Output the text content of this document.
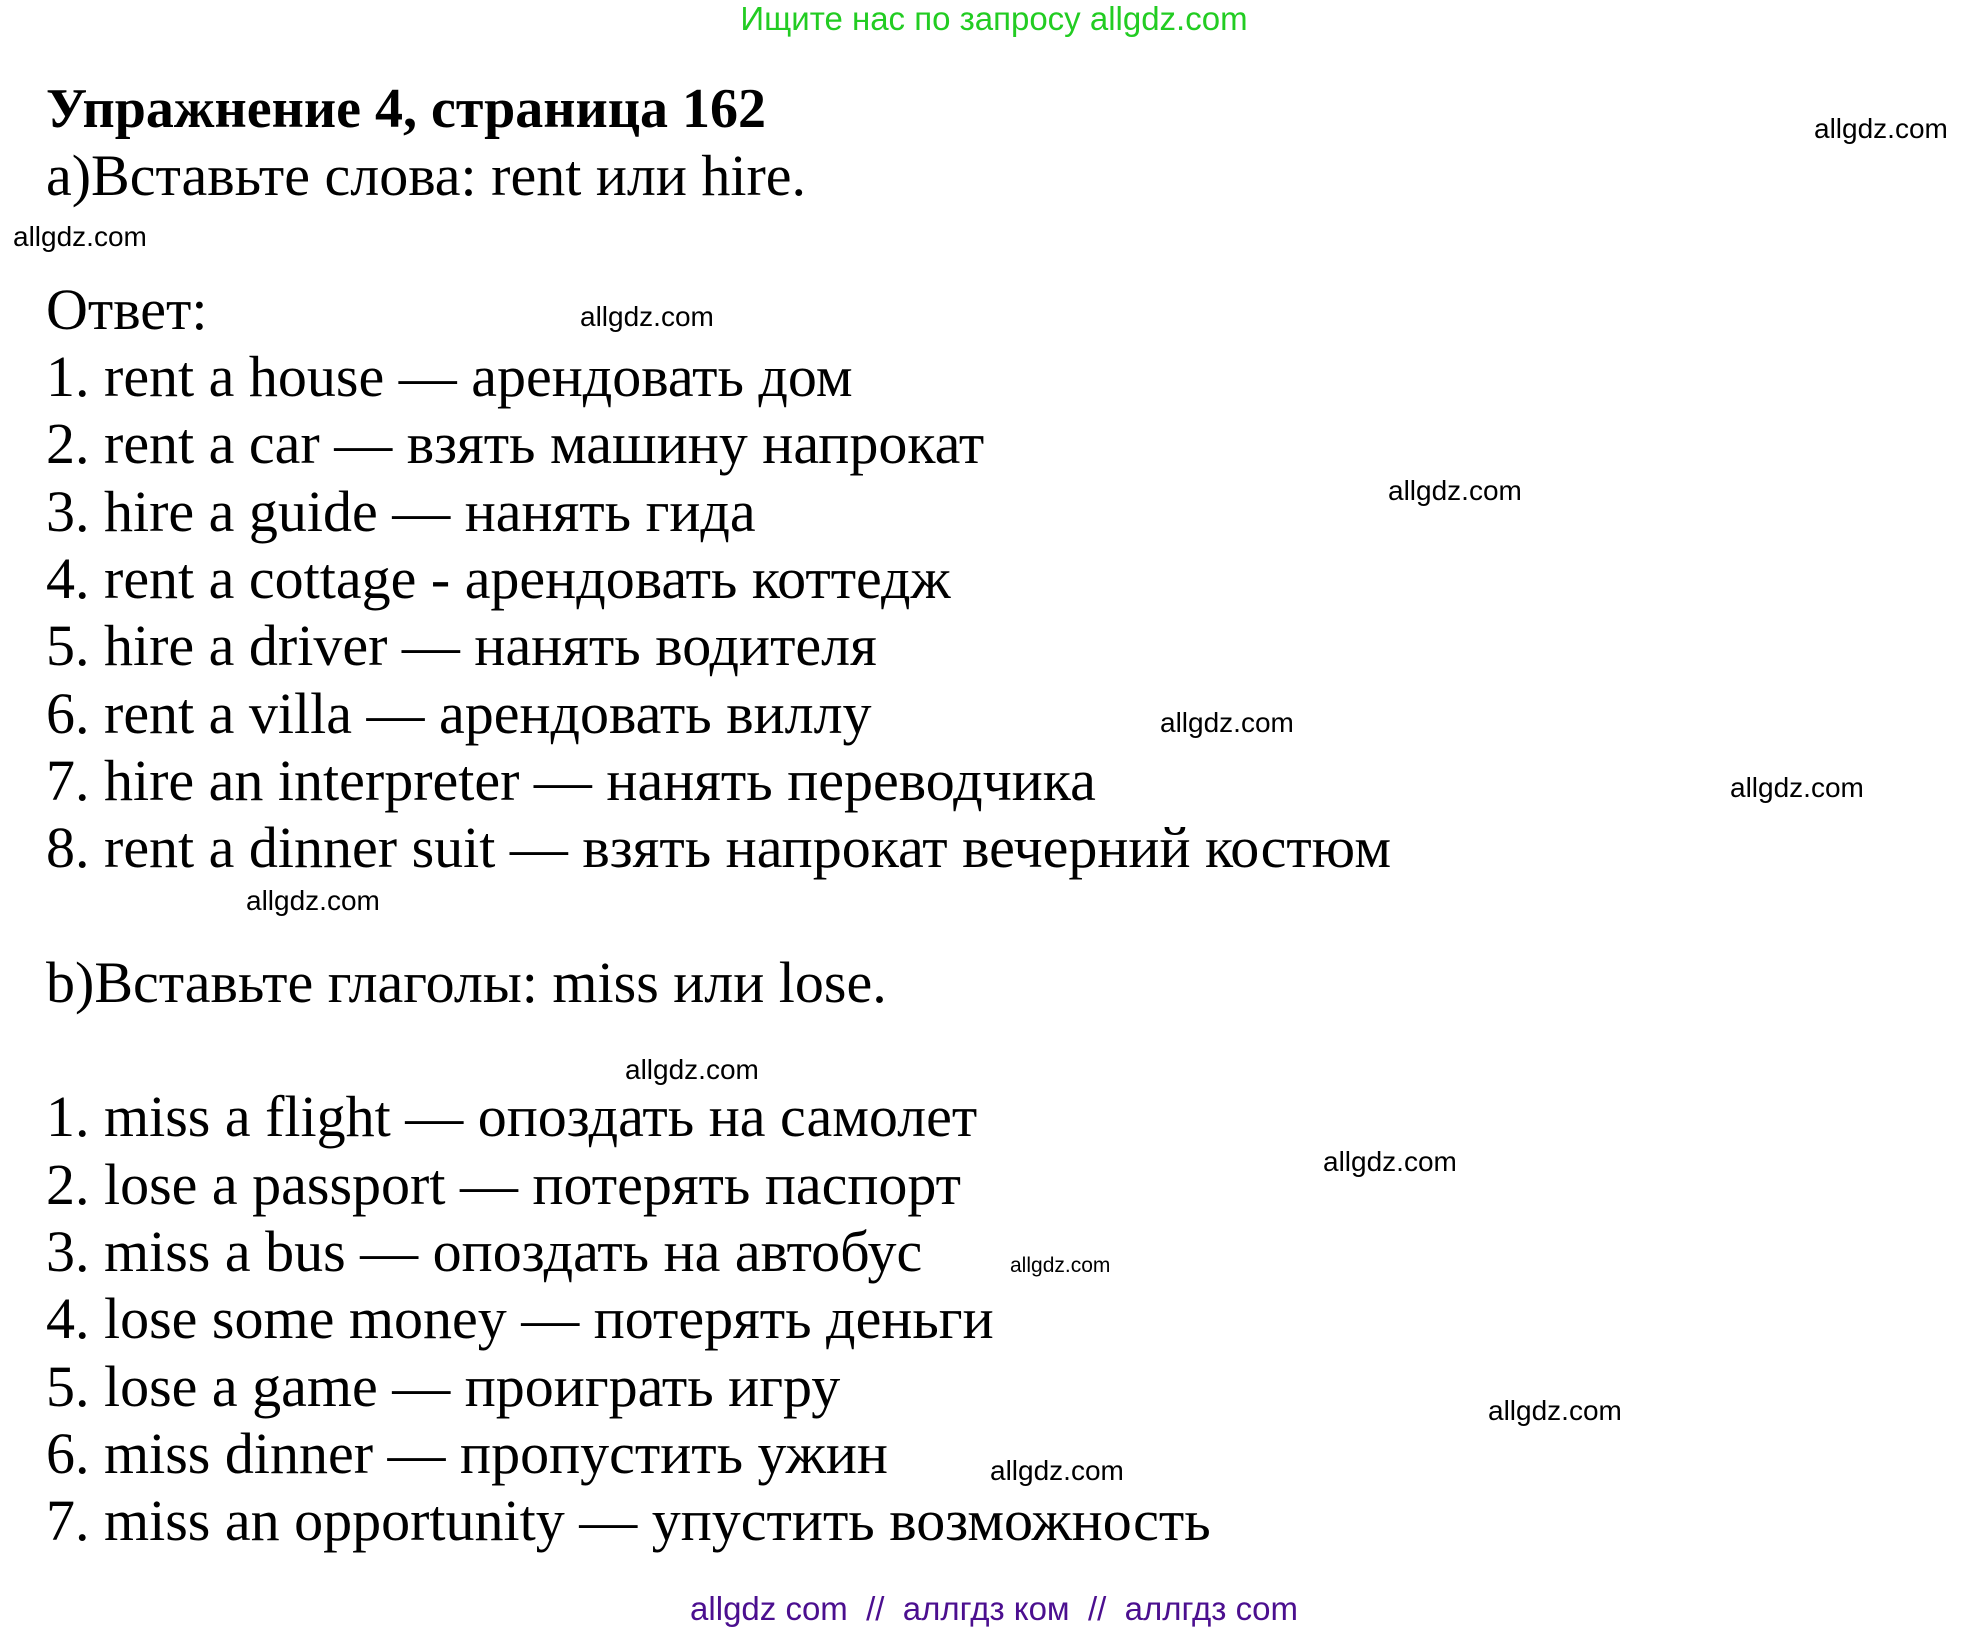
Ищите нас по запросу allgdz.com
Упражнение 4, страница 162
a)Вставьте слова: rent или hire.
Ответ:
1. rent a house — арендовать дом
2. rent a car — взять машину напрокат
3. hire a guide — нанять гида
4. rent a cottage - арендовать коттедж
5. hire a driver — нанять водителя
6. rent a villa — арендовать виллу
7. hire an interpreter — нанять переводчика
8. rent a dinner suit — взять напрокат вечерний костюм
b)Вставьте глаголы: miss или lose.
1. miss a flight — опоздать на самолет
2. lose a passport — потерять паспорт
3. miss a bus — опоздать на автобус
4. lose some money — потерять деньги
5. lose a game — проиграть игру
6. miss dinner — пропустить ужин
7. miss an opportunity — упустить возможность
allgdz.com
allgdz.com
allgdz.com
allgdz.com
allgdz.com
allgdz.com
allgdz.com
allgdz.com
allgdz.com
allgdz.com
allgdz.com
allgdz.com
allgdz com  //  аллгдз ком  //  аллгдз com
